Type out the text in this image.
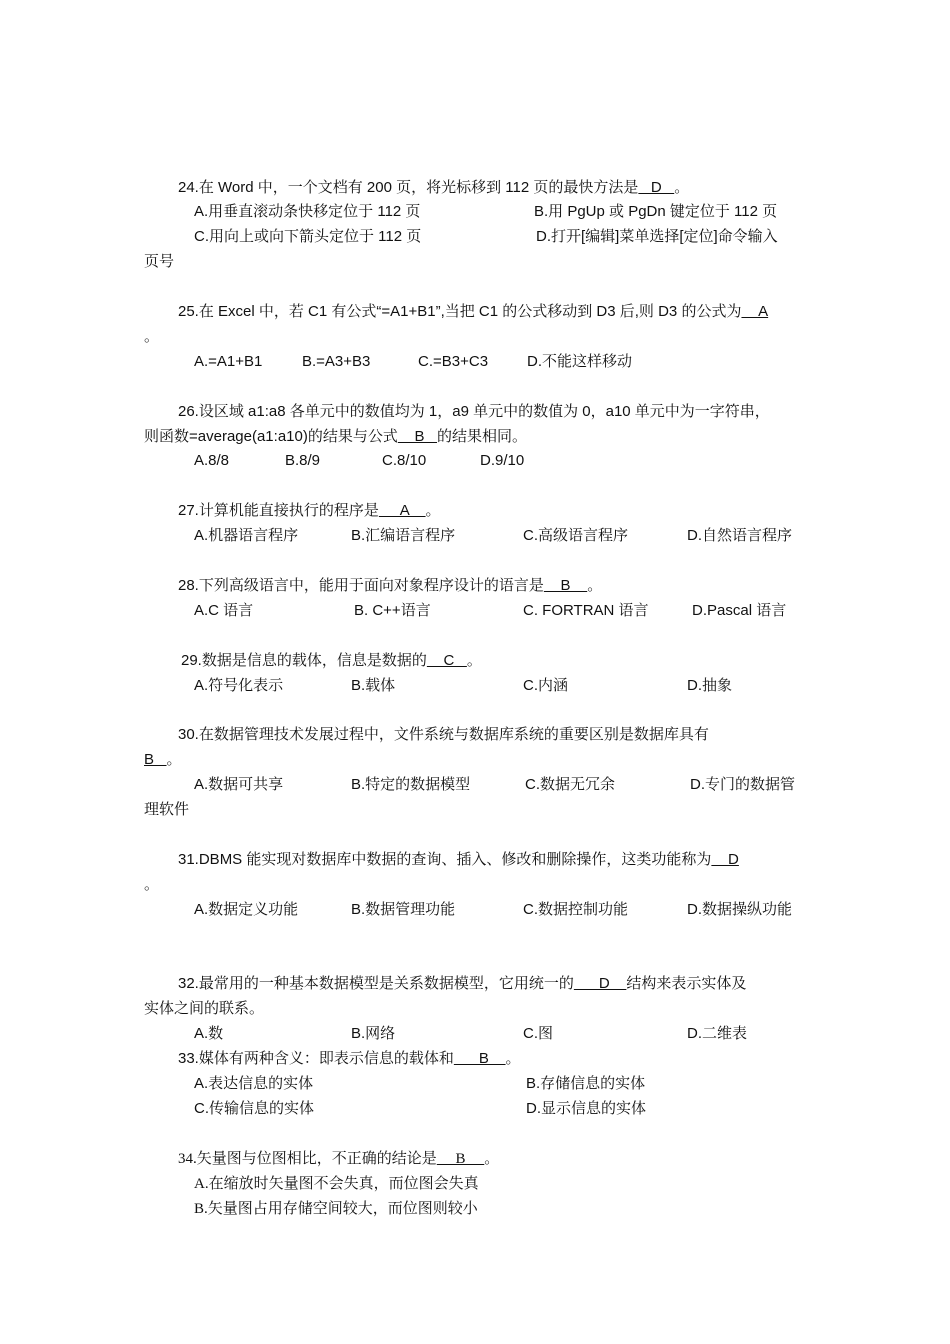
24.在 Word 中，一个文档有 200 页，将光标移到 112 页的最快方法是   D   。
A.用垂直滚动条快移定位于 112 页	B.用 PgUp 或 PgDn 键定位于 112 页
C.用向上或向下箭头定位于 112 页	D.打开[编辑]菜单选择[定位]命令输入
页号
25.在 Excel 中，若 C1 有公式“=A1+B1”,当把 C1 的公式移动到 D3 后,则 D3 的公式为    A
。
A.=A1+B1	B.=A3+B3	C.=B3+C3	D.不能这样移动
26.设区域 a1:a8 各单元中的数值均为 1，a9 单元中的数值为 0，a10 单元中为一字符串，
则函数=average(a1:a10)的结果与公式    B   的结果相同。
A.8/8	B.8/9	C.8/10	D.9/10
27.计算机能直接执行的程序是     A    。
A.机器语言程序	B.汇编语言程序	C.高级语言程序	D.自然语言程序
28.下列高级语言中，能用于面向对象程序设计的语言是    B    。
A.C 语言	B. C++语言	C. FORTRAN 语言	D.Pascal 语言
29.数据是信息的载体，信息是数据的    C   。
A.符号化表示	B.载体	C.内涵	D.抽象
30.在数据管理技术发展过程中，文件系统与数据库系统的重要区别是数据库具有
B   。
A.数据可共享	B.特定的数据模型	C.数据无冗余	D.专门的数据管
理软件
31.DBMS 能实现对数据库中数据的查询、插入、修改和删除操作，这类功能称为    D
。
A.数据定义功能	B.数据管理功能	C.数据控制功能	D.数据操纵功能
32.最常用的一种基本数据模型是关系数据模型，它用统一的      D    结构来表示实体及
实体之间的联系。
A.数	B.网络	C.图	D.二维表
33.媒体有两种含义：即表示信息的载体和      B    。
A.表达信息的实体	B.存储信息的实体
C.传输信息的实体	D.显示信息的实体
34.矢量图与位图相比，不正确的结论是     B     。
A.在缩放时矢量图不会失真，而位图会失真
B.矢量图占用存储空间较大，而位图则较小
